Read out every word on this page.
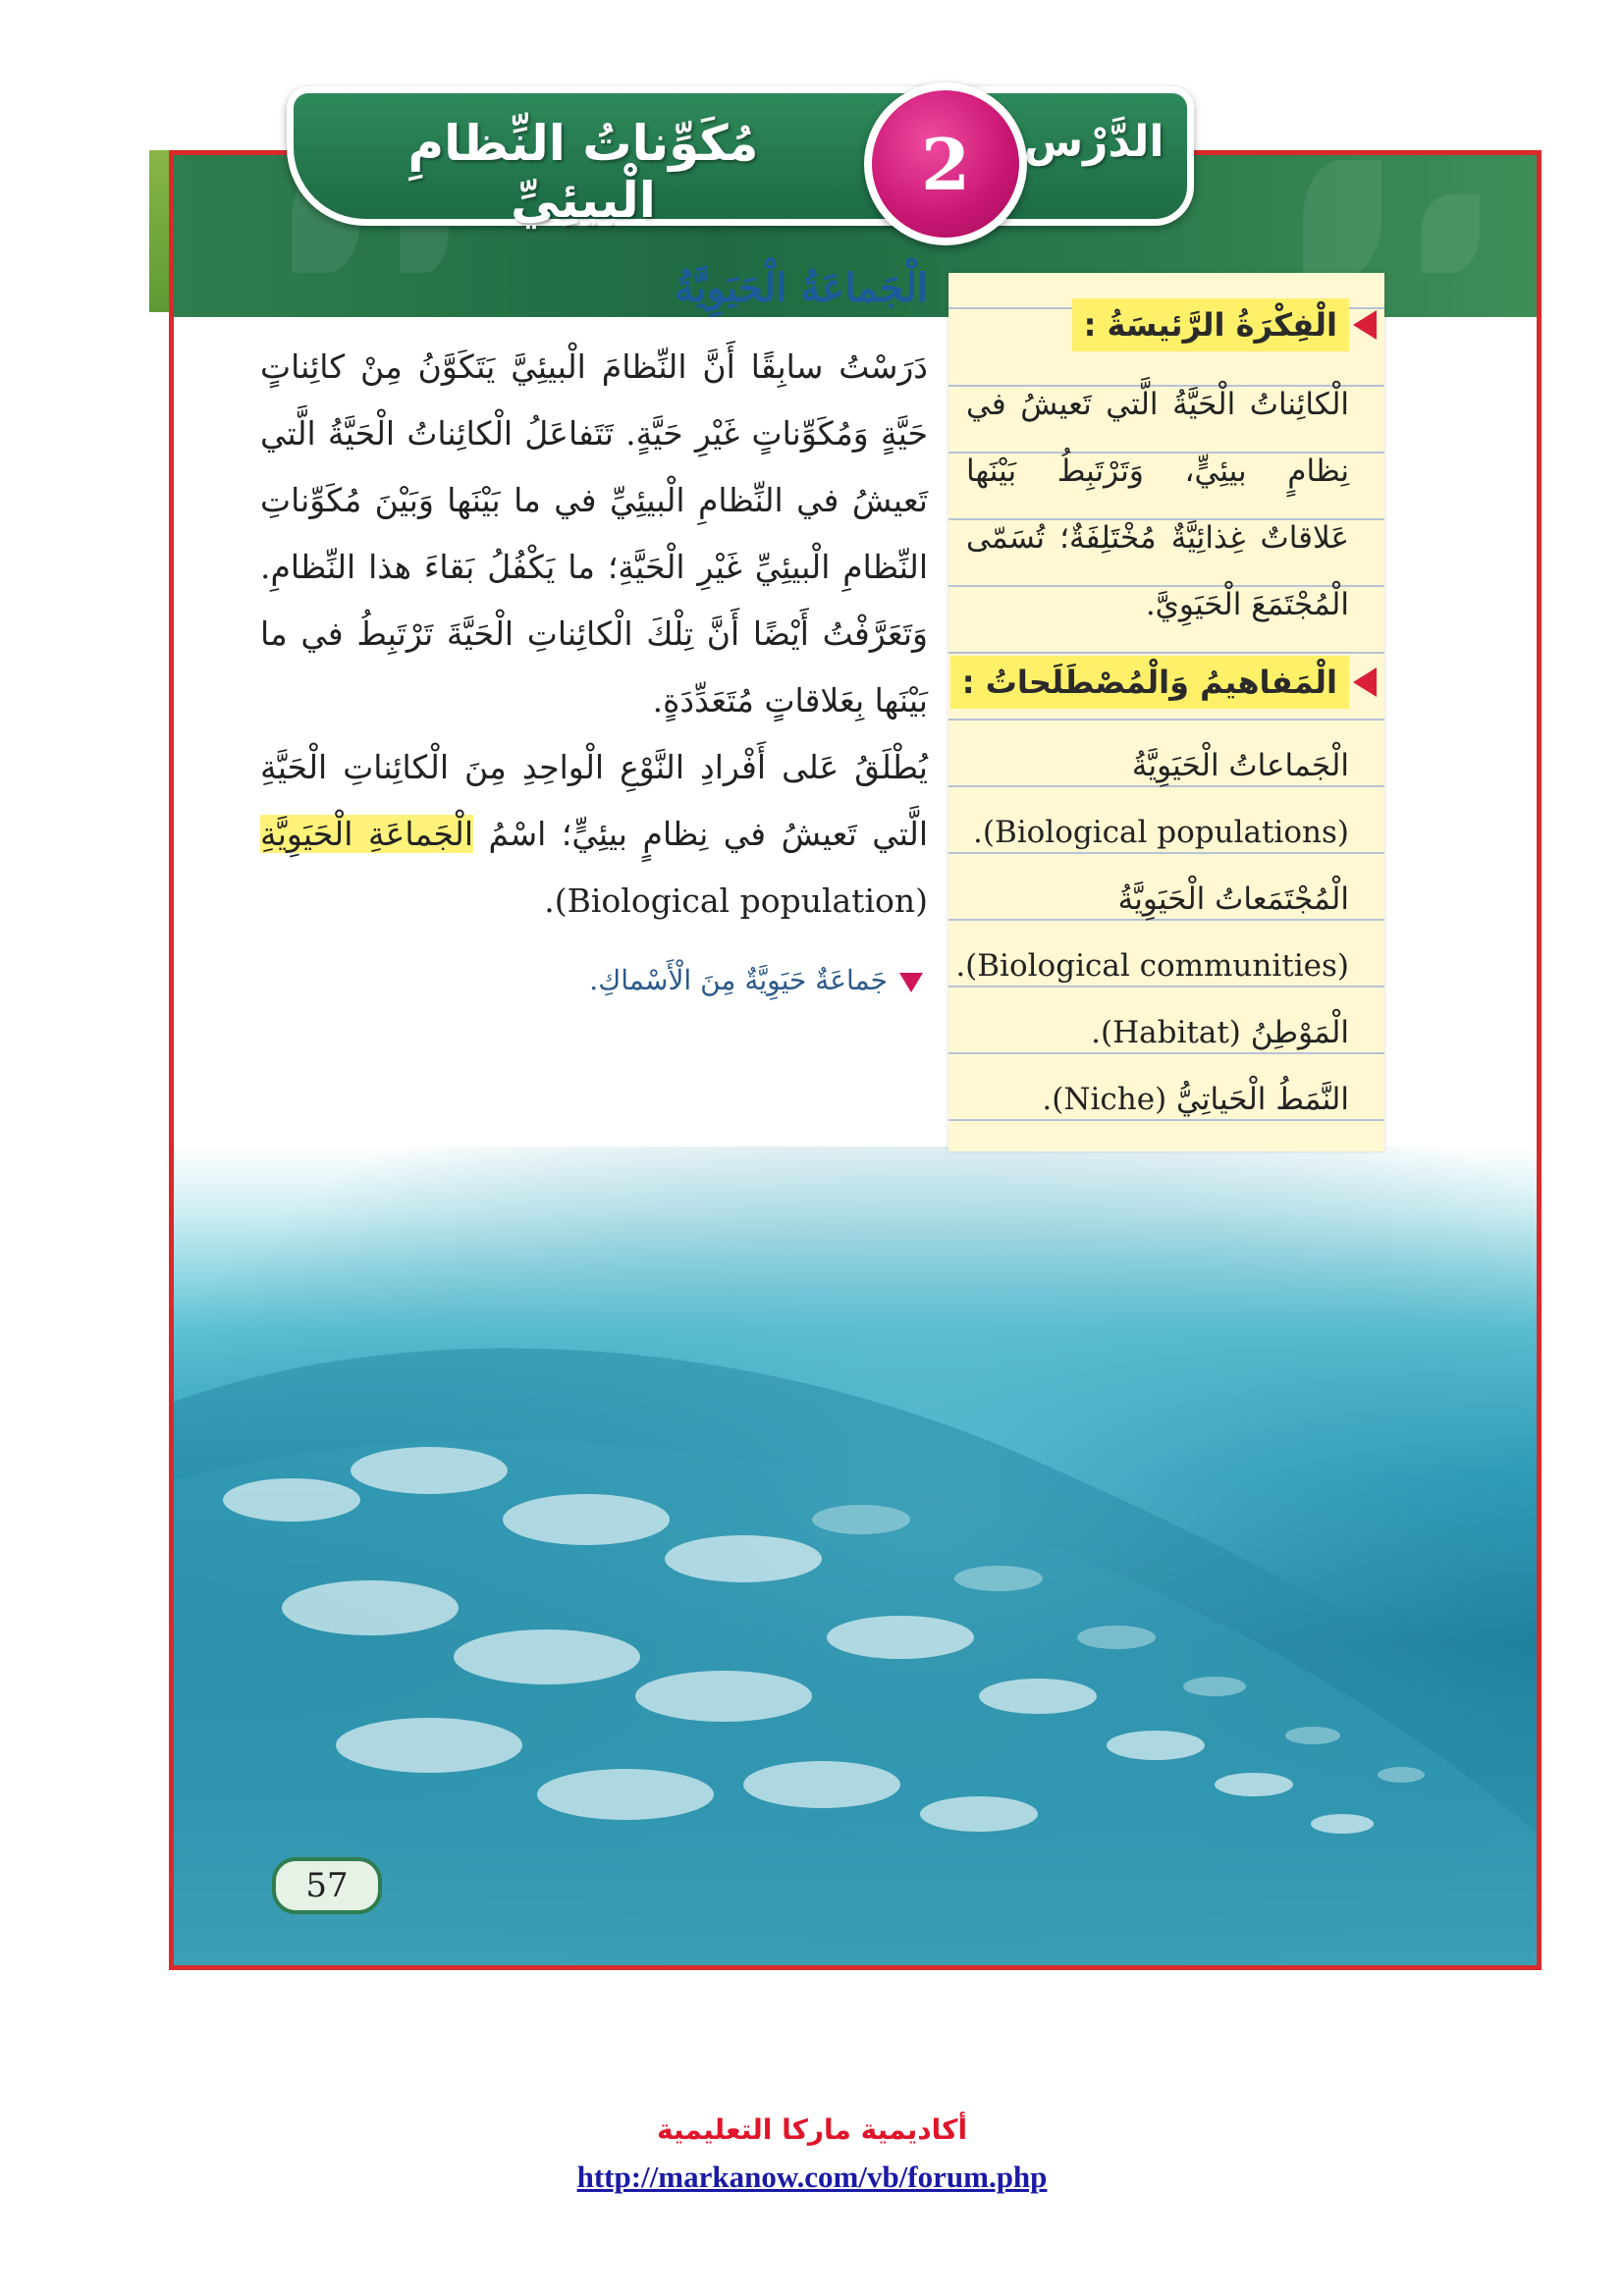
مُكَوِّناتُ النِّظامِ الْبيئِيِّ
الدَّرْس
2
الْجَماعَةُ الْحَيَوِيَّةُ
دَرَسْتُ سابِقًا أَنَّ النِّظامَ الْبيئِيَّ يَتَكَوَّنُ مِنْ كائِناتٍ حَيَّةٍ وَمُكَوِّناتٍ غَيْرِ حَيَّةٍ. تَتَفاعَلُ الْكائِناتُ الْحَيَّةُ الَّتي تَعيشُ في النِّظامِ الْبيئِيِّ في ما بَيْنَها وَبَيْنَ مُكَوِّناتِ النِّظامِ الْبيئِيِّ غَيْرِ الْحَيَّةِ؛ ما يَكْفُلُ بَقاءَ هذا النِّظامِ. وَتَعَرَّفْتُ أَيْضًا أَنَّ تِلْكَ الْكائِناتِ الْحَيَّةَ تَرْتَبِطُ في ما بَيْنَها بِعَلاقاتٍ مُتَعَدِّدَةٍ.
يُطْلَقُ عَلى أَفْرادِ النَّوْعِ الْواحِدِ مِنَ الْكائِناتِ الْحَيَّةِ الَّتي تَعيشُ في نِظامٍ بيئِيٍّ؛ اسْمُ الْجَماعَةِ الْحَيَوِيَّةِ (Biological population).
جَماعَةٌ حَيَوِيَّةٌ مِنَ الْأَسْماكِ.
الْفِكْرَةُ الرَّئيسَةُ :
الْكائِناتُ الْحَيَّةُ الَّتي تَعيشُ في نِظامٍ بيئِيٍّ، وَتَرْتَبِطُ بَيْنَها عَلاقاتٌ غِذائِيَّةٌ مُخْتَلِفَةٌ؛ تُسَمّى الْمُجْتَمَعَ الْحَيَوِيَّ.
الْمَفاهيمُ وَالْمُصْطَلَحاتُ :
الْجَماعاتُ الْحَيَوِيَّةُ
(Biological populations).
الْمُجْتَمَعاتُ الْحَيَوِيَّةُ
(Biological communities).
الْمَوْطِنُ (Habitat).
النَّمَطُ الْحَياتِيُّ (Niche).
57
أكاديمية ماركا التعليمية
http://markanow.com/vb/forum.php
